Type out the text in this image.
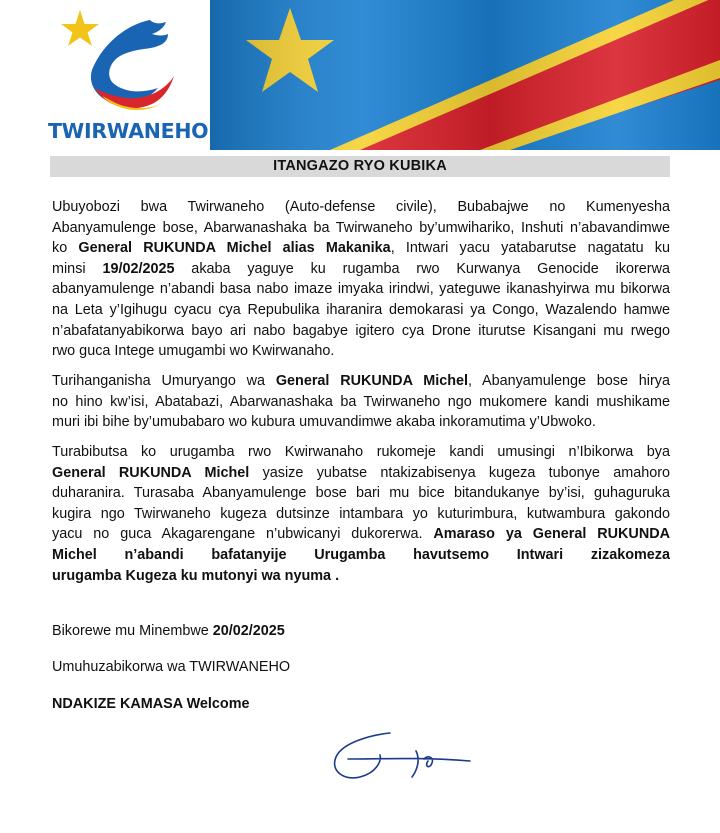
TWIRWANEHO
ITANGAZO RYO KUBIKA
Ubuyobozi bwa Twirwaneho (Auto-defense civile), Bubabajwe no Kumenyesha
Abanyamulenge bose, Abarwanashaka ba Twirwaneho by’umwihariko, Inshuti n’abavandimwe
ko General RUKUNDA Michel alias Makanika, Intwari yacu yatabarutse nagatatu ku
minsi 19/02/2025 akaba yaguye ku rugamba rwo Kurwanya Genocide ikorerwa
abanyamulenge n’abandi basa nabo imaze imyaka irindwi, yateguwe ikanashyirwa mu bikorwa
na Leta y’Igihugu cyacu cya Repubulika iharanira demokarasi ya Congo, Wazalendo hamwe
n’abafatanyabikorwa bayo ari nabo bagabye igitero cya Drone iturutse Kisangani mu rwego
rwo guca Intege umugambi wo Kwirwanaho.
Turihanganisha Umuryango wa General RUKUNDA Michel, Abanyamulenge bose hirya
no hino kw’isi, Abatabazi, Abarwanashaka ba Twirwaneho ngo mukomere kandi mushikame
muri ibi bihe by’umubabaro wo kubura umuvandimwe akaba inkoramutima y’Ubwoko.
Turabibutsa ko urugamba rwo Kwirwanaho rukomeje kandi umusingi n’Ibikorwa bya
General RUKUNDA Michel yasize yubatse ntakizabisenya kugeza tubonye amahoro
duharanira. Turasaba Abanyamulenge bose bari mu bice bitandukanye by’isi, guhaguruka
kugira ngo Twirwaneho kugeza dutsinze intambara yo kuturimbura, kutwambura gakondo
yacu no guca Akagarengane n’ubwicanyi dukorerwa. Amaraso ya General RUKUNDA
Michel n’abandi bafatanyije Urugamba havutsemo Intwari zizakomeza
urugamba Kugeza ku mutonyi wa nyuma .
Bikorewe mu Minembwe 20/02/2025
Umuhuzabikorwa wa TWIRWANEHO
NDAKIZE KAMASA Welcome
